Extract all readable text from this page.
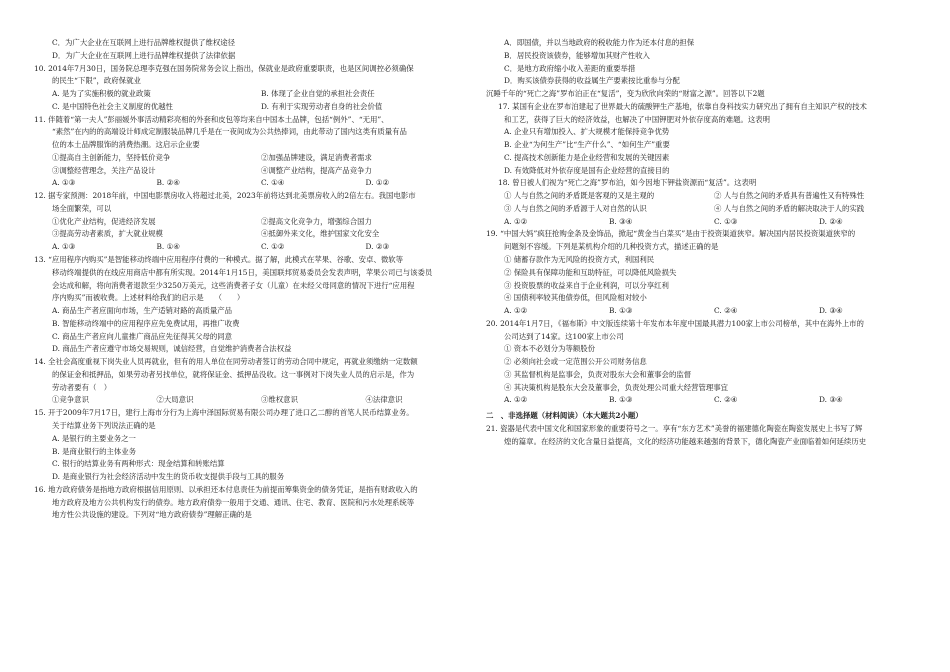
C．为广大企业在互联网上进行品牌维权提供了维权途径

D．为广大企业在互联网上进行品牌维权提供了法律依据

10. 2014年7月30日，国务院总理李克强在国务院常务会议上指出，保就业是政府重要职责，也是区间调控必须确保

的民生“下限”，政府保就业

A. 是为了实施积极的就业政策	B. 体现了企业自觉的承担社会责任
C. 是中国特色社会主义制度的优越性	D. 有利于实现劳动者自身的社会价值

11. 伴随着“第一夫人”彭丽媛外事活动精彩亮相的外套和皮包等均来自中国本土品牌，包括“例外”、“无用”、

“素然”在内的的高端设计师成定制服装品牌几乎是在一夜间成为公共热捧词，由此带动了国内这类有质量有品

位的本土品牌服饰的消费热潮。这启示企业要

①提高自主创新能力，坚持低价竞争	②加强品牌建设，满足消费者需求
③调整经营理念，关注产品设计	④调整产业结构，提高产品竞争力
A. ①③	B. ②④	C. ①④	D. ①②

12. 据专家预测：2018年前，中国电影票房收入将超过北美，2023年前将达到北美票房收入的2倍左右。我国电影市

场全面繁荣，可以

①优化产业结构，促进经济发展	②提高文化竞争力，增强综合国力
③提高劳动者素质，扩大就业规模	④抵御外来文化，维护国家文化安全
A. ①③	B. ①④	C. ①②	D. ②③

13. “应用程序内购买”是智能移动终端中应用程序付费的一种模式。据了解，此模式在苹果、谷歌、安卓、微软等

移动终端提供的在线应用商店中都有所实现。2014年1月15日，美国联邦贸易委员会发表声明，苹果公司已与该委员

会达成和解，将向消费者退款至少3250万美元，这些消费者子女（儿童）在未经父母同意的情况下进行“应用程

序内购买”而被收费。上述材料给我们的启示是　　（　　）

A. 商品生产者应面向市场，生产适销对路的高质量产品

B. 智能移动终端中的应用程序应先免费试用，再推广收费

C. 商品生产者应向儿童推广商品应先征得其父母的同意

D. 商品生产者应遵守市场交易规则，诚信经营，自觉维护消费者合法权益

14. 全社会高度重视下岗失业人员再就业，但有的用人单位在同劳动者签订的劳动合同中规定，再就业须缴纳一定数额

的保证金和抵押品，如果劳动者另找单位，就将保证金、抵押品没收。这一事例对下岗失业人员的启示是，作为

劳动者要有（　）

①竞争意识	②大局意识	③维权意识	④法律意识

15. 开于2009年7月17日，建行上海市分行为上海中泽国际贸易有限公司办理了进口乙二醇的首笔人民币结算业务。

关于结算业务下列说法正确的是

A. 是银行的主要业务之一

B. 是商业银行的主体业务

C. 银行的结算业务有两种形式：现金结算和转账结算

D. 是商业银行为社会经济活动中发生的货币收支提供手段与工具的服务

16. 地方政府债务是指地方政府根据信用原则、以承担还本付息责任为前提而筹集资金的债务凭证，是指有财政收入的

地方政府及地方公共机构发行的债券。地方政府债券一般用于交通、通讯、住宅、教育、医院和污水处理系统等

地方性公共设施的建设。下列对“地方政府债券”理解正确的是

A．即国债，并以当地政府的税收能力作为还本付息的担保

B．居民投资该债券，能够增加其财产性收入

C．是地方政府缩小收入差距的重要举措

D．购买该债券获得的收益属生产要素按比重参与分配

沉睡千年的“死亡之海”罗布泊正在“复活”，变为欣欣向荣的“财富之源”。回答以下2题

17. 某国有企业在罗布泊建起了世界最大的硫酸钾生产基地，依靠自身科技实力研究出了拥有自主知识产权的技术

和工艺，获得了巨大的经济效益，也解决了中国钾肥对外依存度高的难题。这表明

A. 企业只有增加投入、扩大规模才能保持竞争优势

B. 企业“为何生产”比“生产什么”、“如何生产”重要

C. 提高技术创新能力是企业经营和发展的关键因素

D. 有效降低对外依存度是国有企业经营的直接目的

18. 曾日被人们视为“死亡之海”罗布泊，如今因地下钾盐资源而“复活”。这表明

① 人与自然之间的矛盾既是客观的又是主观的	② 人与自然之间的矛盾具有普遍性又有特殊性
③ 人与自然之间的矛盾源于人对自然的认识	④ 人与自然之间的矛盾的解决取决于人的实践
A. ①②	B. ③④	C. ①③	D. ②④

19. “中国大妈”疯狂抢购金条及金饰品，掀起“黄金当白菜买”是由于投资渠道狭窄。解决国内居民投资渠道狭窄的

问题刻不容缓。下列是某机构介绍的几种投资方式，描述正确的是

① 储蓄存款作为无风险的投资方式，利国利民

② 保险具有保障功能和互助特征，可以降低风险损失

③ 投资股票的收益来自于企业利润，可以分享红利

④ 国债利率较其他债券低，但风险相对较小

A. ①②	B. ①③	C. ②④	D. ③④

20. 2014年1月7日，《福布斯》中文版连续第十年发布本年度中国最具潜力100家上市公司榜单，其中在海外上市的

公司达到了14家。这100家上市公司

① 资本不必划分为等额股份

② 必须向社会或一定范围公开公司财务信息

③ 其监督机构是监事会，负责对股东大会和董事会的监督

④ 其决策机构是股东大会及董事会，负责处理公司重大经营管理事宜

A. ①②	B. ①③	C. ②④	D. ③④

二　、非选择题（材料阅读）（本大题共2小题）

21. 瓷器是代表中国文化和国家形象的重要符号之一。享有“东方艺术”美誉的福建德化陶瓷在陶瓷发展史上书写了辉

煌的篇章。在经济的文化含量日益提高，文化的经济功能越来越强的背景下，德化陶瓷产业面临着如何延续历史
